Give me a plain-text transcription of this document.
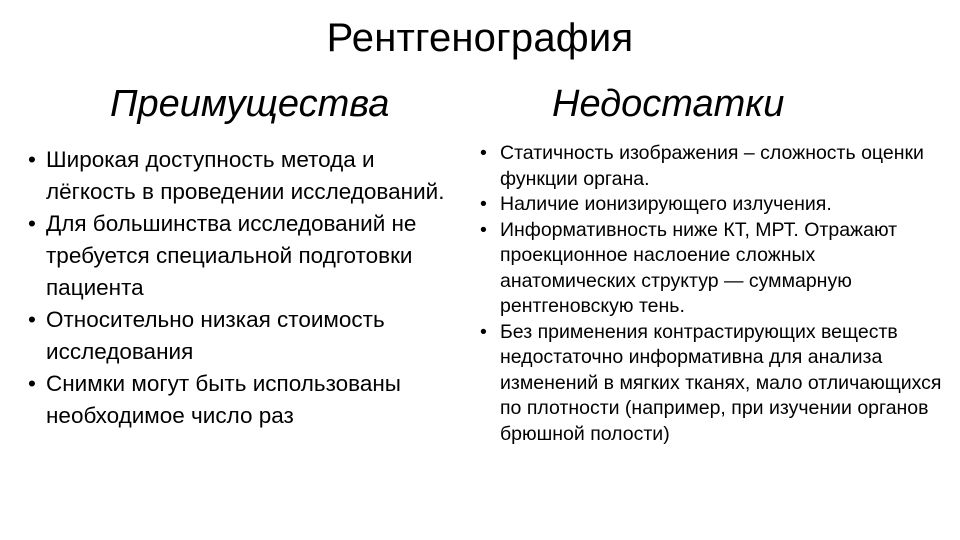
Рентгенография
Преимущества	Недостатки
• Широкая доступность метода и лёгкость в проведении исследований.
• Для большинства исследований не требуется специальной подготовки пациента
• Относительно низкая стоимость исследования
• Снимки могут быть использованы необходимое число раз
• Статичность изображения – сложность оценки функции органа.
• Наличие ионизирующего излучения.
• Информативность ниже КТ, МРТ. Отражают проекционное наслоение сложных анатомических структур — суммарную рентгеновскую тень.
• Без применения контрастирующих веществ недостаточно информативна для анализа изменений в мягких тканях, мало отличающихся по плотности (например, при изучении органов брюшной полости)
